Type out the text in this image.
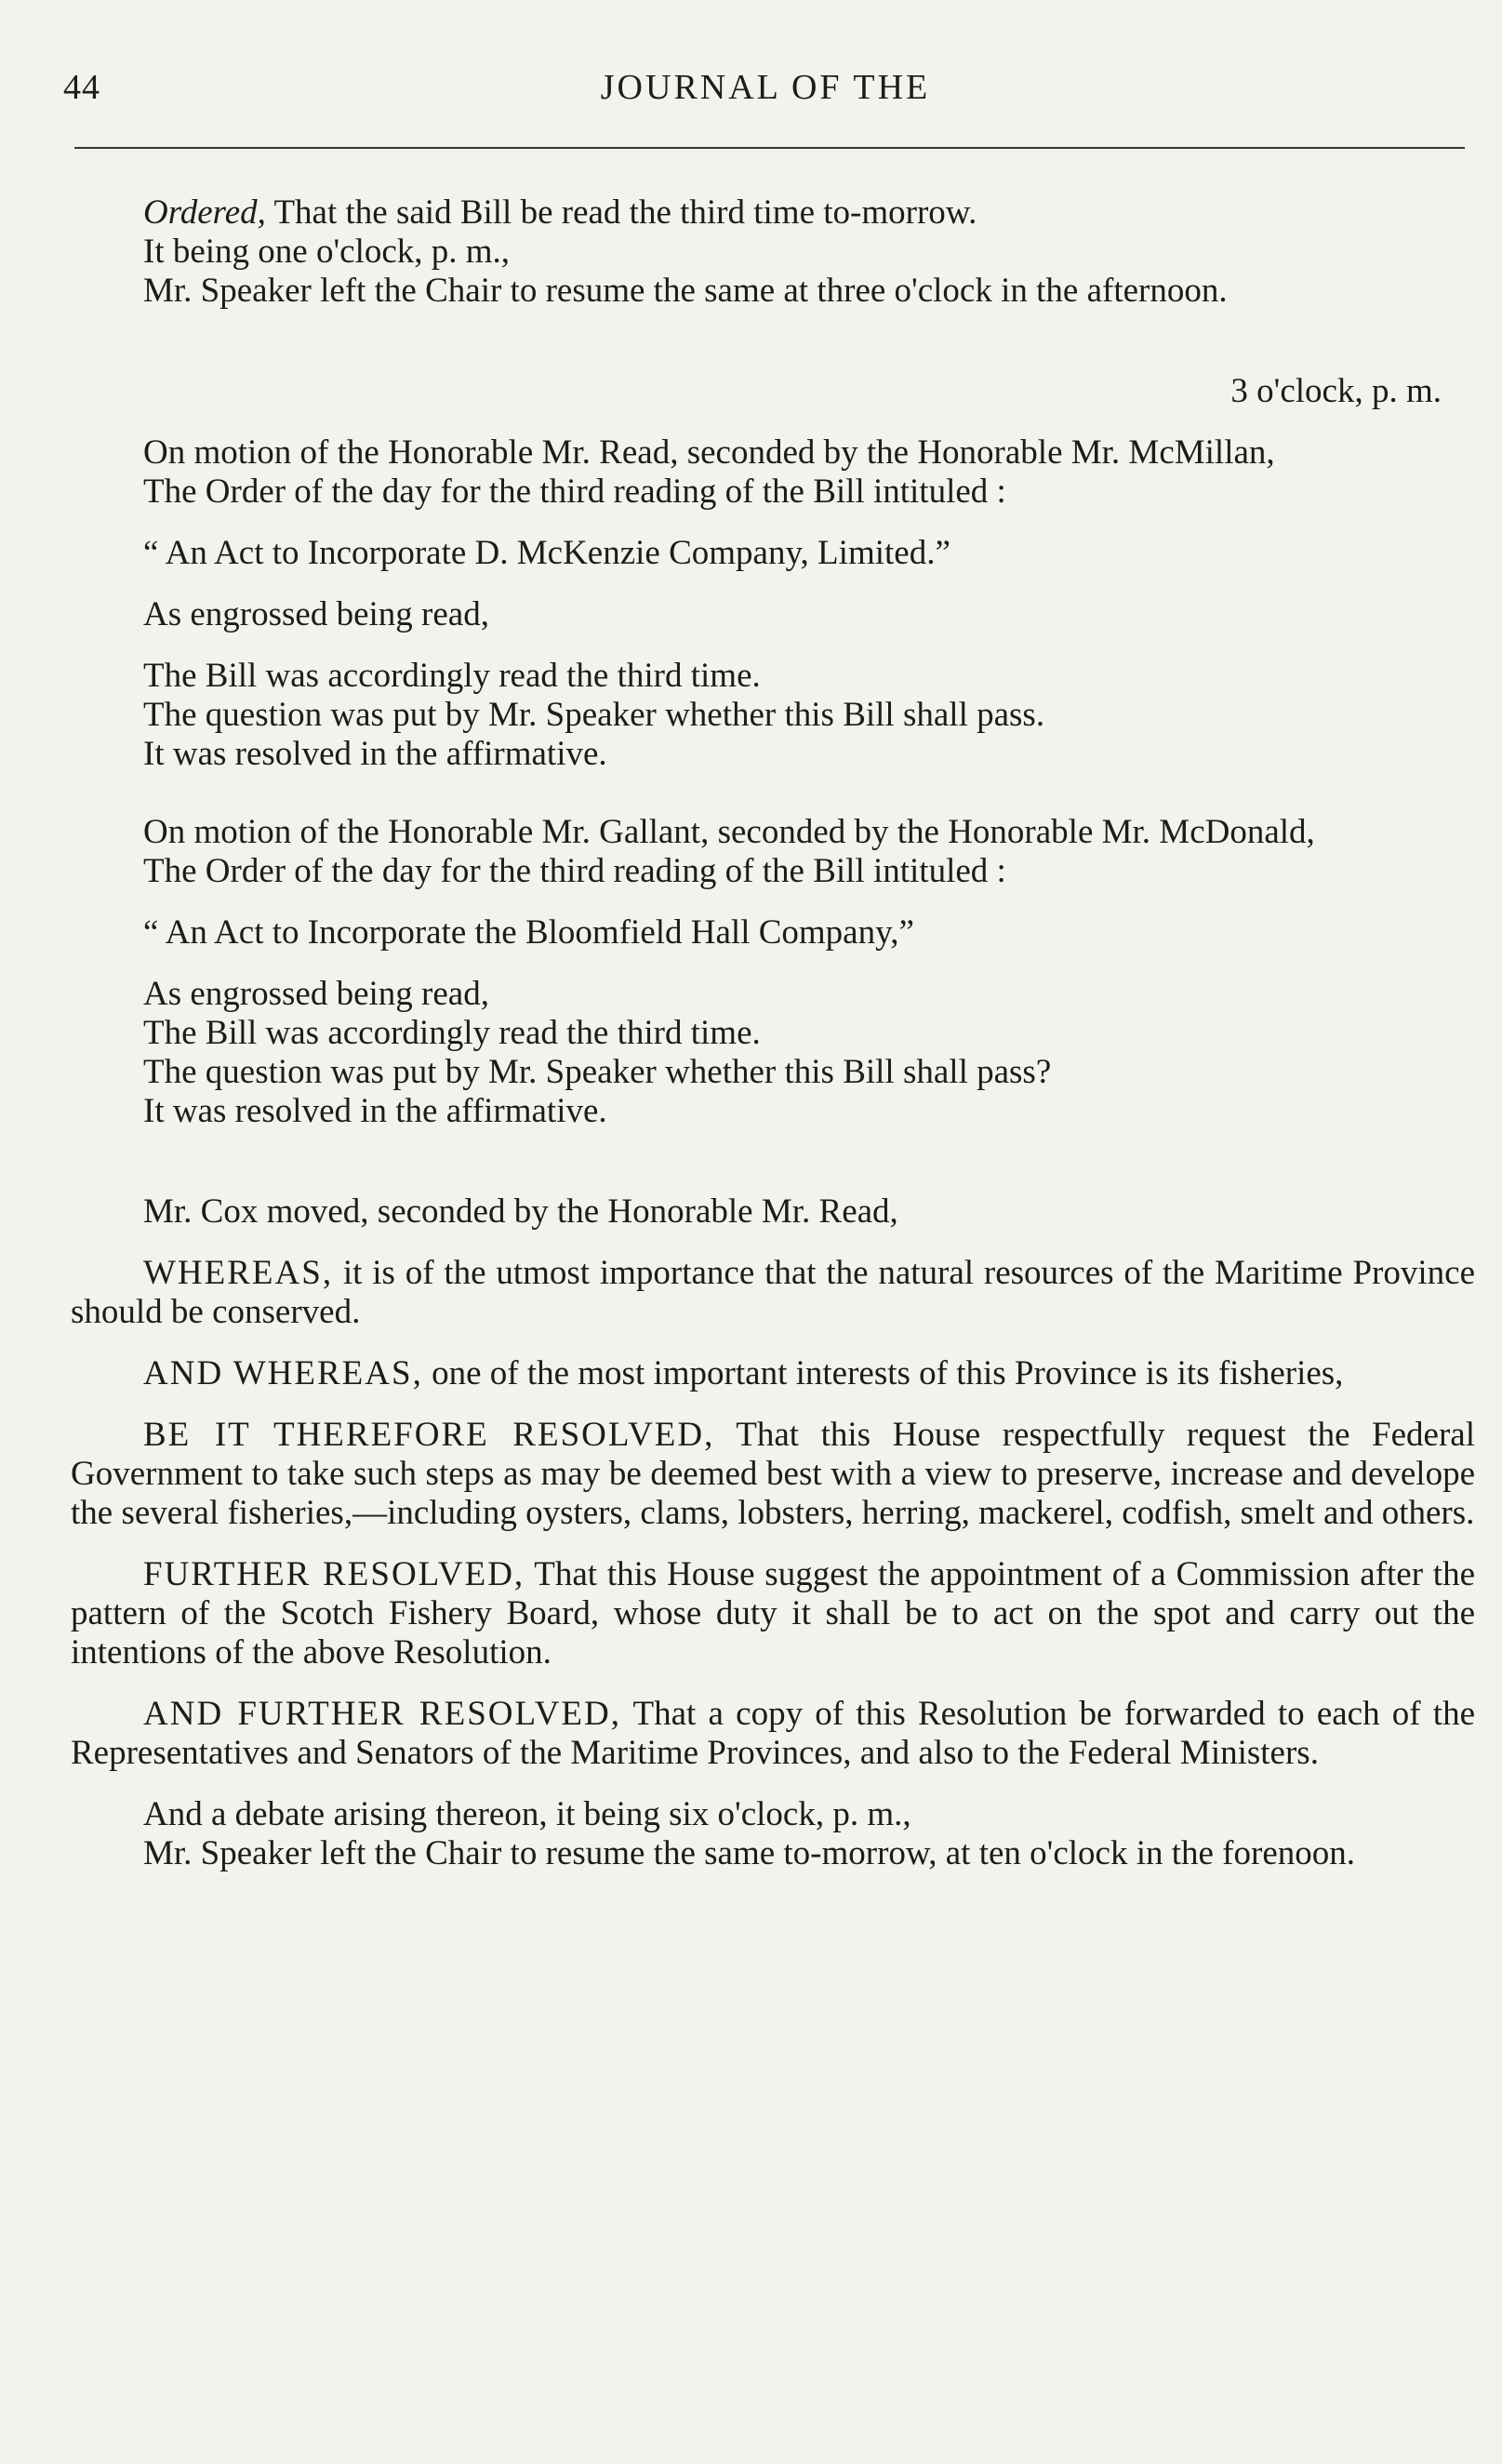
44	JOURNAL OF THE

Ordered, That the said Bill be read the third time to-morrow.

It being one o'clock, p. m.,

Mr. Speaker left the Chair to resume the same at three o'clock in the afternoon.

3 o'clock, p. m.

On motion of the Honorable Mr. Read, seconded by the Honorable Mr. McMillan,

The Order of the day for the third reading of the Bill intituled :

“ An Act to Incorporate D. McKenzie Company, Limited.”

As engrossed being read,

The Bill was accordingly read the third time.

The question was put by Mr. Speaker whether this Bill shall pass.

It was resolved in the affirmative.

On motion of the Honorable Mr. Gallant, seconded by the Honorable Mr. McDonald,

The Order of the day for the third reading of the Bill intituled :

“ An Act to Incorporate the Bloomfield Hall Company,”

As engrossed being read,

The Bill was accordingly read the third time.

The question was put by Mr. Speaker whether this Bill shall pass?

It was resolved in the affirmative.

Mr. Cox moved, seconded by the Honorable Mr. Read,

WHEREAS, it is of the utmost importance that the natural resources of the Maritime Province should be conserved.

AND WHEREAS, one of the most important interests of this Province is its fisheries,

BE IT THEREFORE RESOLVED, That this House respectfully request the Federal Government to take such steps as may be deemed best with a view to preserve, increase and develope the several fisheries,—including oysters, clams, lobsters, herring, mackerel, codfish, smelt and others.

FURTHER RESOLVED, That this House suggest the appointment of a Commission after the pattern of the Scotch Fishery Board, whose duty it shall be to act on the spot and carry out the intentions of the above Resolution.

AND FURTHER RESOLVED, That a copy of this Resolution be forwarded to each of the Representatives and Senators of the Maritime Provinces, and also to the Federal Ministers.

And a debate arising thereon, it being six o'clock, p. m.,

Mr. Speaker left the Chair to resume the same to-morrow, at ten o'clock in the forenoon.
